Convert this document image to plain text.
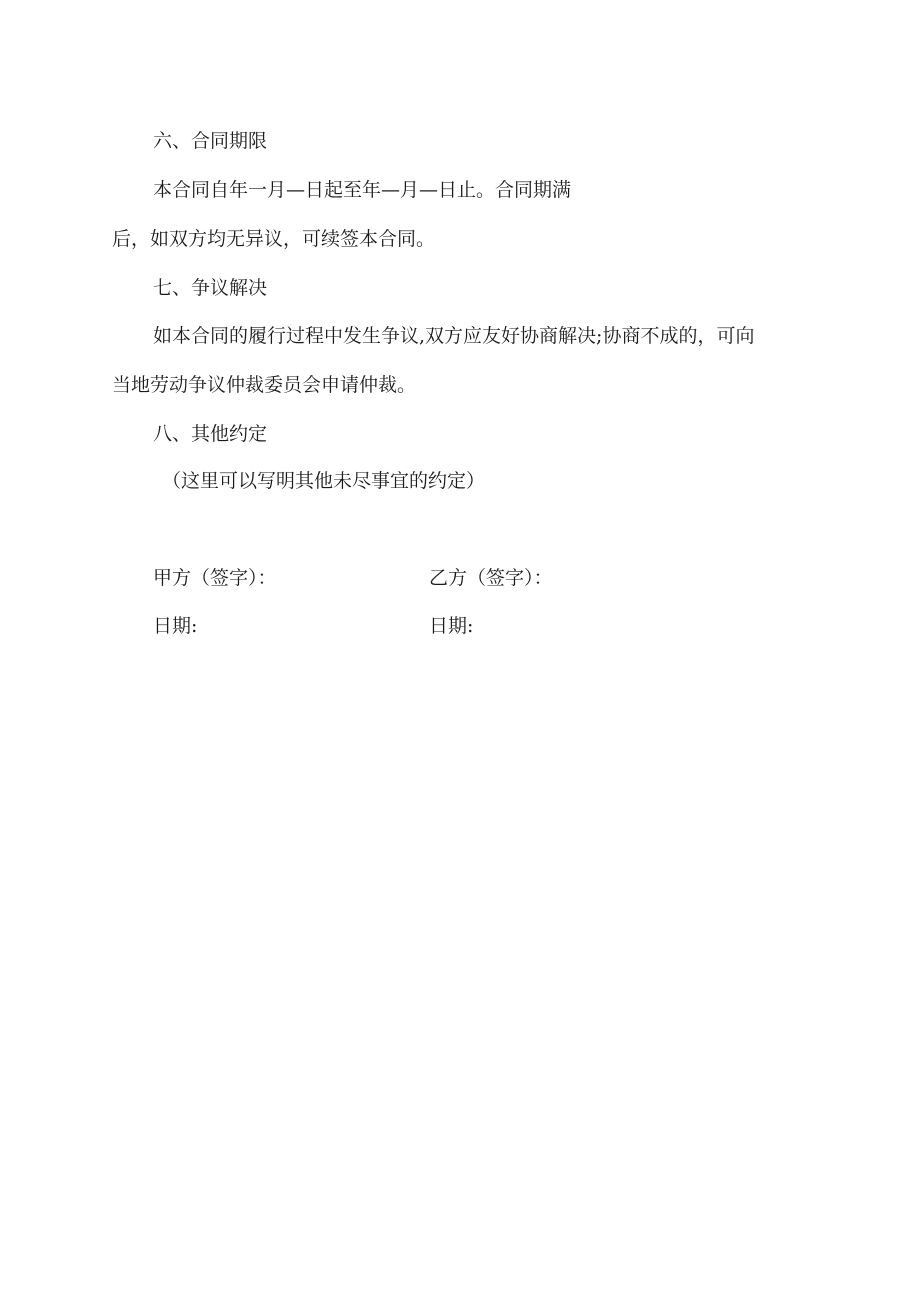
六、合同期限
本合同自年一月—日起至年—月—日止。合同期满
后，如双方均无异议，可续签本合同。
七、争议解决
如本合同的履行过程中发生争议,双方应友好协商解决;协商不成的，可向
当地劳动争议仲裁委员会申请仲裁。
八、其他约定
（这里可以写明其他未尽事宜的约定）
甲方（签字）：	乙方（签字）：
日期:	日期:
